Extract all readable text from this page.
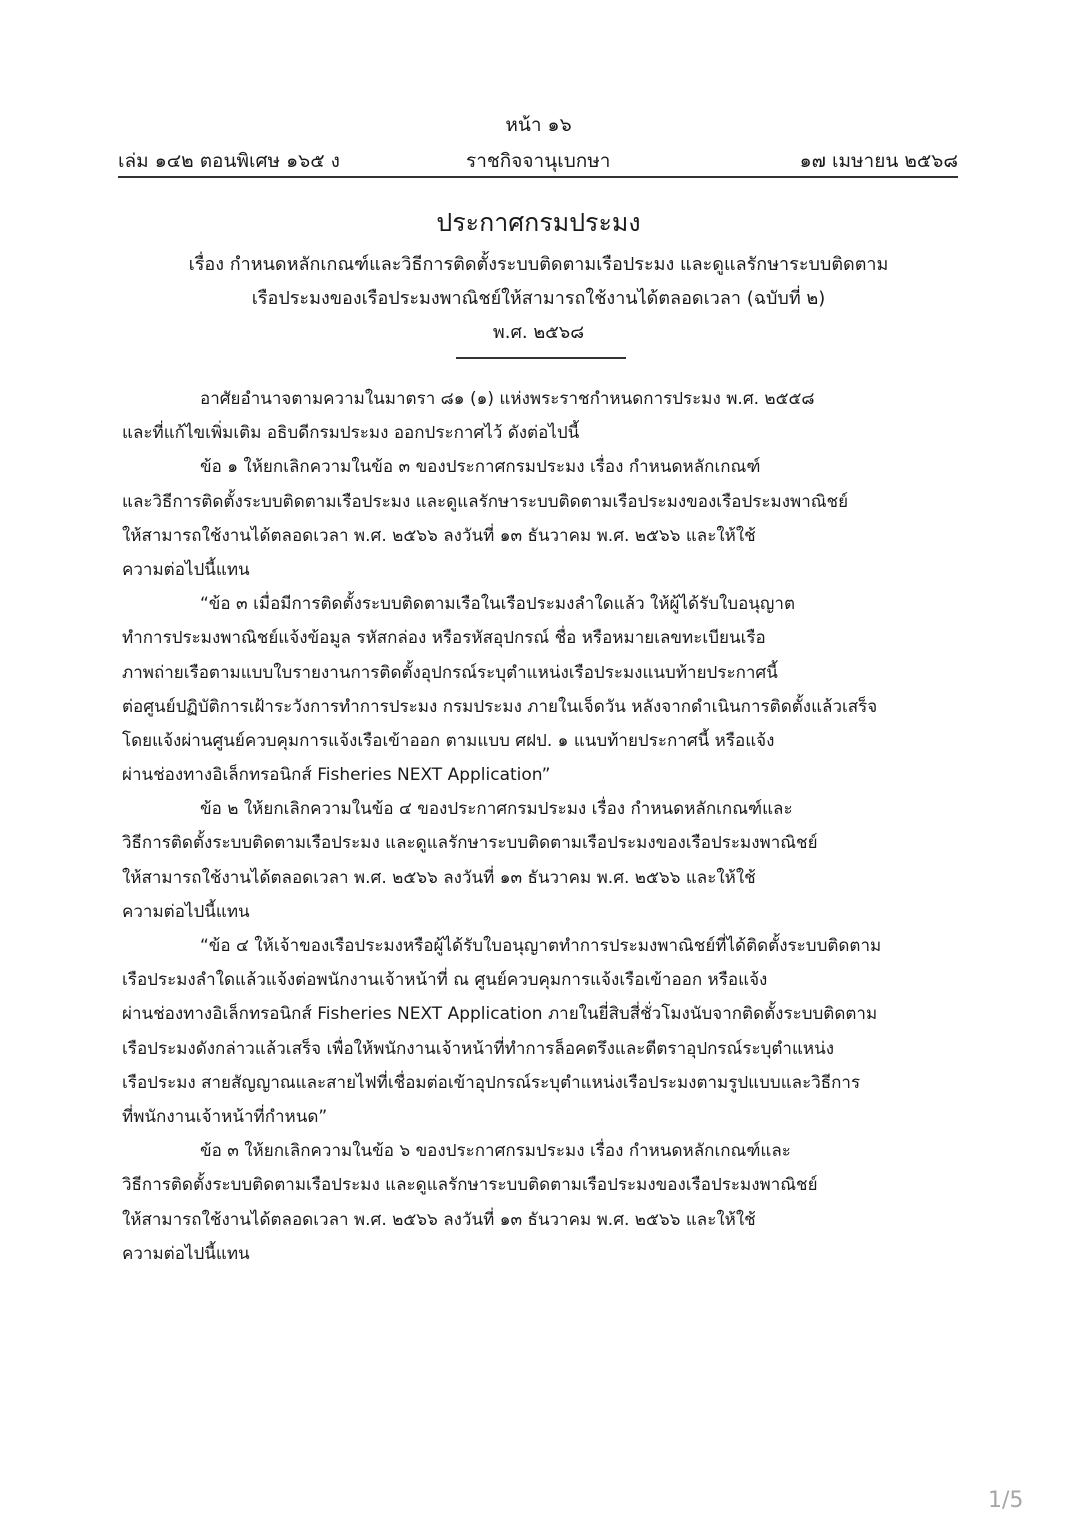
หน้า ๑๖
เล่ม ๑๔๒ ตอนพิเศษ ๑๖๕ ง	ราชกิจจานุเบกษา	๑๗ เมษายน ๒๕๖๘
ประกาศกรมประมง
เรื่อง กำหนดหลักเกณฑ์และวิธีการติดตั้งระบบติดตามเรือประมง และดูแลรักษาระบบติดตาม
เรือประมงของเรือประมงพาณิชย์ให้สามารถใช้งานได้ตลอดเวลา (ฉบับที่ ๒)
พ.ศ. ๒๕๖๘
อาศัยอำนาจตามความในมาตรา ๘๑ (๑) แห่งพระราชกำหนดการประมง พ.ศ. ๒๕๕๘
และที่แก้ไขเพิ่มเติม อธิบดีกรมประมง ออกประกาศไว้ ดังต่อไปนี้
ข้อ ๑ ให้ยกเลิกความในข้อ ๓ ของประกาศกรมประมง เรื่อง กำหนดหลักเกณฑ์
และวิธีการติดตั้งระบบติดตามเรือประมง และดูแลรักษาระบบติดตามเรือประมงของเรือประมงพาณิชย์
ให้สามารถใช้งานได้ตลอดเวลา พ.ศ. ๒๕๖๖ ลงวันที่ ๑๓ ธันวาคม พ.ศ. ๒๕๖๖ และให้ใช้
ความต่อไปนี้แทน
“ข้อ ๓ เมื่อมีการติดตั้งระบบติดตามเรือในเรือประมงลำใดแล้ว ให้ผู้ได้รับใบอนุญาต
ทำการประมงพาณิชย์แจ้งข้อมูล รหัสกล่อง หรือรหัสอุปกรณ์ ชื่อ หรือหมายเลขทะเบียนเรือ
ภาพถ่ายเรือตามแบบใบรายงานการติดตั้งอุปกรณ์ระบุตำแหน่งเรือประมงแนบท้ายประกาศนี้
ต่อศูนย์ปฏิบัติการเฝ้าระวังการทำการประมง กรมประมง ภายในเจ็ดวัน หลังจากดำเนินการติดตั้งแล้วเสร็จ
โดยแจ้งผ่านศูนย์ควบคุมการแจ้งเรือเข้าออก ตามแบบ ศฝป. ๑ แนบท้ายประกาศนี้ หรือแจ้ง
ผ่านช่องทางอิเล็กทรอนิกส์ Fisheries NEXT Application”
ข้อ ๒ ให้ยกเลิกความในข้อ ๔ ของประกาศกรมประมง เรื่อง กำหนดหลักเกณฑ์และ
วิธีการติดตั้งระบบติดตามเรือประมง และดูแลรักษาระบบติดตามเรือประมงของเรือประมงพาณิชย์
ให้สามารถใช้งานได้ตลอดเวลา พ.ศ. ๒๕๖๖ ลงวันที่ ๑๓ ธันวาคม พ.ศ. ๒๕๖๖ และให้ใช้
ความต่อไปนี้แทน
“ข้อ ๔ ให้เจ้าของเรือประมงหรือผู้ได้รับใบอนุญาตทำการประมงพาณิชย์ที่ได้ติดตั้งระบบติดตาม
เรือประมงลำใดแล้วแจ้งต่อพนักงานเจ้าหน้าที่ ณ ศูนย์ควบคุมการแจ้งเรือเข้าออก หรือแจ้ง
ผ่านช่องทางอิเล็กทรอนิกส์ Fisheries NEXT Application ภายในยี่สิบสี่ชั่วโมงนับจากติดตั้งระบบติดตาม
เรือประมงดังกล่าวแล้วเสร็จ เพื่อให้พนักงานเจ้าหน้าที่ทำการล็อคตรึงและตีตราอุปกรณ์ระบุตำแหน่ง
เรือประมง สายสัญญาณและสายไฟที่เชื่อมต่อเข้าอุปกรณ์ระบุตำแหน่งเรือประมงตามรูปแบบและวิธีการ
ที่พนักงานเจ้าหน้าที่กำหนด”
ข้อ ๓ ให้ยกเลิกความในข้อ ๖ ของประกาศกรมประมง เรื่อง กำหนดหลักเกณฑ์และ
วิธีการติดตั้งระบบติดตามเรือประมง และดูแลรักษาระบบติดตามเรือประมงของเรือประมงพาณิชย์
ให้สามารถใช้งานได้ตลอดเวลา พ.ศ. ๒๕๖๖ ลงวันที่ ๑๓ ธันวาคม พ.ศ. ๒๕๖๖ และให้ใช้
ความต่อไปนี้แทน
1/5
